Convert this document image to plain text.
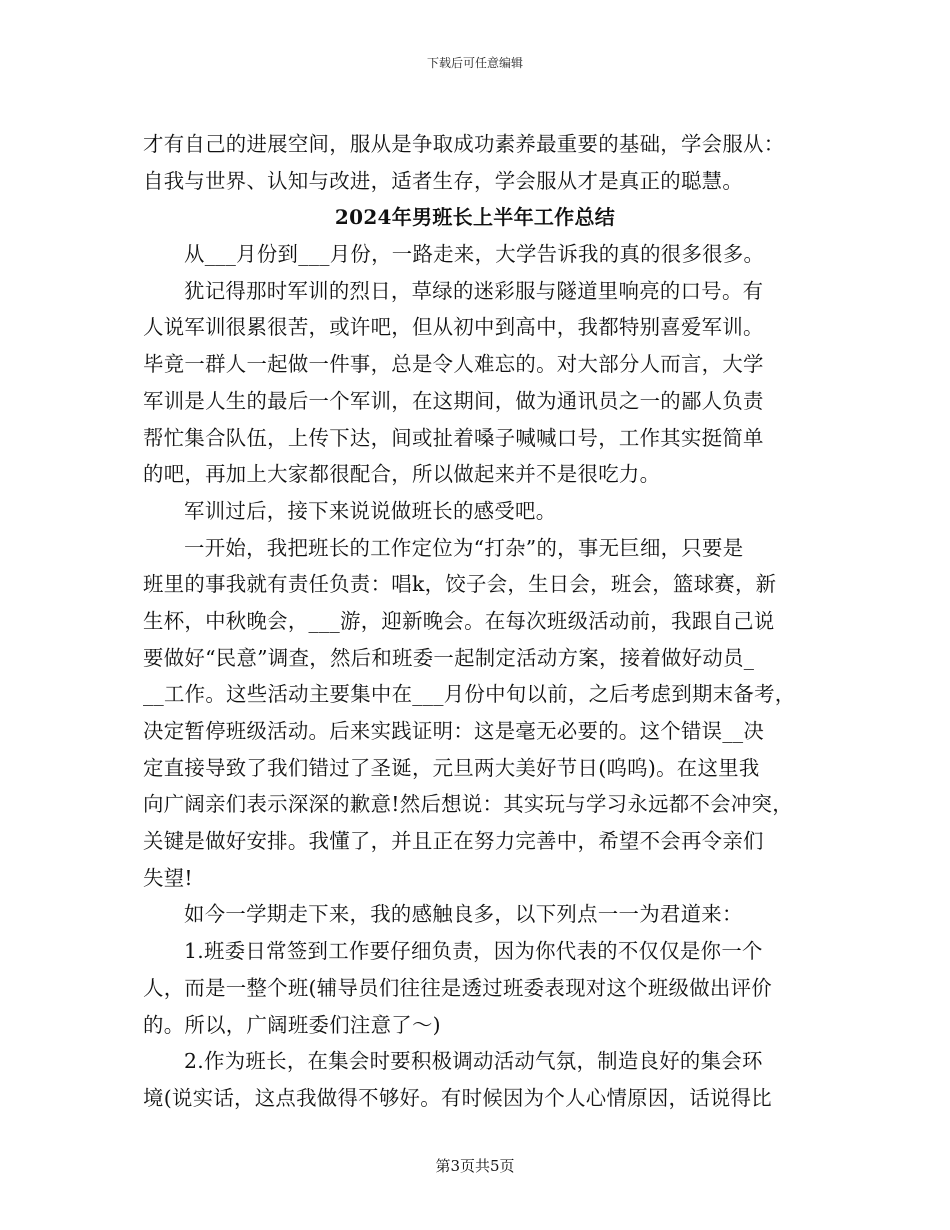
下载后可任意编辑
才有自己的进展空间，服从是争取成功素养最重要的基础，学会服从：
自我与世界、认知与改进，适者生存，学会服从才是真正的聪慧。
2024年男班长上半年工作总结
从___月份到___月份，一路走来，大学告诉我的真的很多很多。
犹记得那时军训的烈日，草绿的迷彩服与隧道里响亮的口号。有
人说军训很累很苦，或许吧，但从初中到高中，我都特别喜爱军训。
毕竟一群人一起做一件事，总是令人难忘的。对大部分人而言，大学
军训是人生的最后一个军训，在这期间，做为通讯员之一的鄙人负责
帮忙集合队伍，上传下达，间或扯着嗓子喊喊口号，工作其实挺简单
的吧，再加上大家都很配合，所以做起来并不是很吃力。
军训过后，接下来说说做班长的感受吧。
一开始，我把班长的工作定位为“打杂”的，事无巨细，只要是
班里的事我就有责任负责：唱k，饺子会，生日会，班会，篮球赛，新
生杯，中秋晚会，___游，迎新晚会。在每次班级活动前，我跟自己说
要做好“民意”调查，然后和班委一起制定活动方案，接着做好动员_
__工作。这些活动主要集中在___月份中旬以前，之后考虑到期末备考，
决定暂停班级活动。后来实践证明：这是毫无必要的。这个错误__决
定直接导致了我们错过了圣诞，元旦两大美好节日(呜呜)。在这里我
向广阔亲们表示深深的歉意!然后想说：其实玩与学习永远都不会冲突，
关键是做好安排。我懂了，并且正在努力完善中，希望不会再令亲们
失望!
如今一学期走下来，我的感触良多，以下列点一一为君道来：
1.班委日常签到工作要仔细负责，因为你代表的不仅仅是你一个
人，而是一整个班(辅导员们往往是透过班委表现对这个班级做出评价
的。所以，广阔班委们注意了～)
2.作为班长，在集会时要积极调动活动气氛，制造良好的集会环
境(说实话，这点我做得不够好。有时候因为个人心情原因，话说得比
第3页共5页
